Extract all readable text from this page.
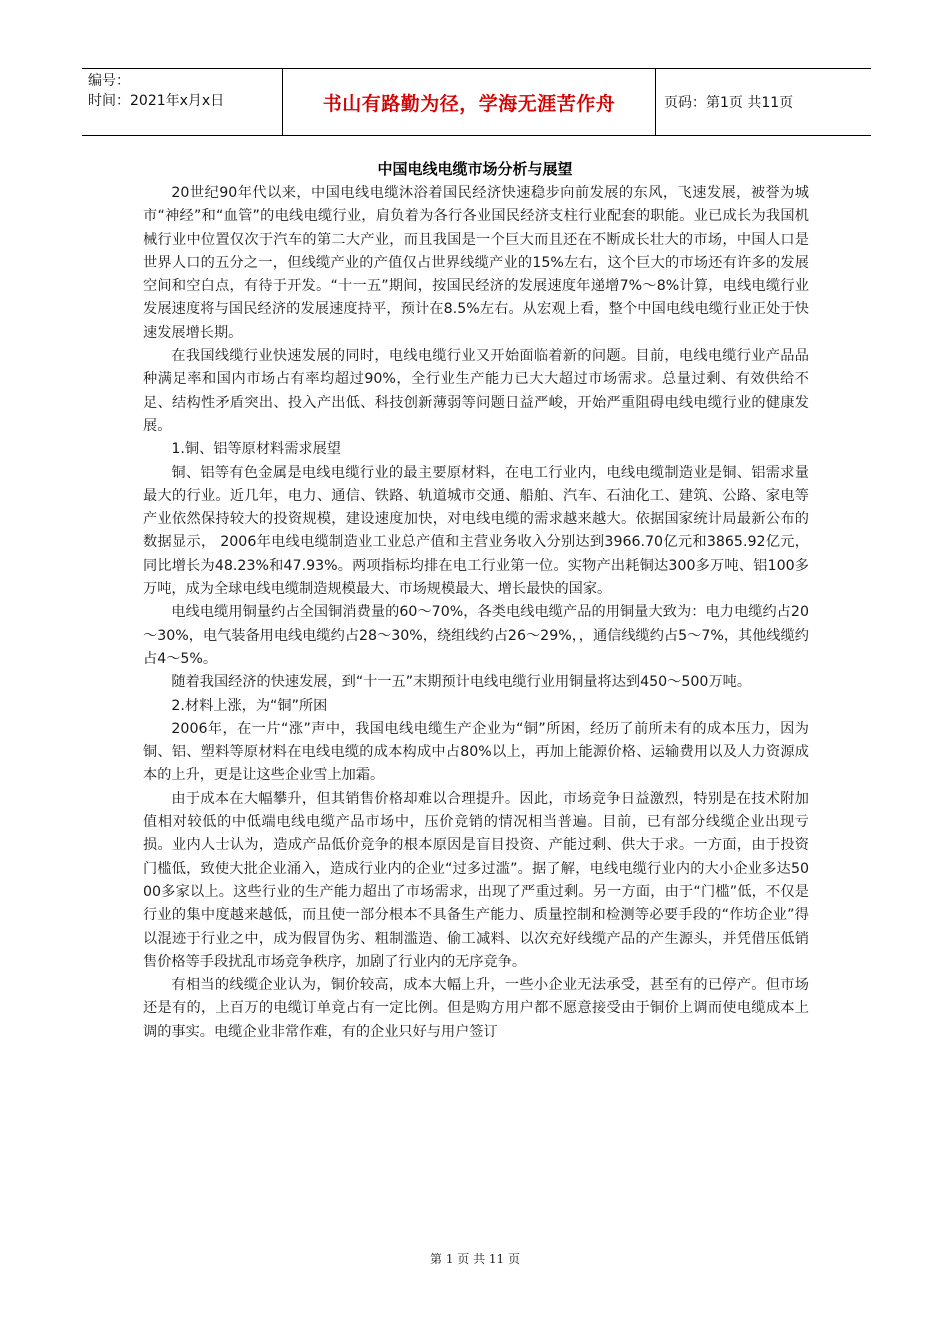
编号：
时间：2021年x月x日	书山有路勤为径，学海无涯苦作舟	页码：第1页 共11页
中国电线电缆市场分析与展望

20世纪90年代以来，中国电线电缆沐浴着国民经济快速稳步向前发展的东风，飞速发展，被誉为城市“神经”和“血管”的电线电缆行业，肩负着为各行各业国民经济支柱行业配套的职能。业已成长为我国机械行业中位置仅次于汽车的第二大产业，而且我国是一个巨大而且还在不断成长壮大的市场，中国人口是世界人口的五分之一，但线缆产业的产值仅占世界线缆产业的15%左右，这个巨大的市场还有许多的发展空间和空白点，有待于开发。“十一五”期间，按国民经济的发展速度年递增7%～8%计算，电线电缆行业发展速度将与国民经济的发展速度持平，预计在8.5%左右。从宏观上看，整个中国电线电缆行业正处于快速发展增长期。

在我国线缆行业快速发展的同时，电线电缆行业又开始面临着新的问题。目前，电线电缆行业产品品种满足率和国内市场占有率均超过90%，全行业生产能力已大大超过市场需求。总量过剩、有效供给不足、结构性矛盾突出、投入产出低、科技创新薄弱等问题日益严峻，开始严重阻碍电线电缆行业的健康发展。

1.铜、铝等原材料需求展望

铜、铝等有色金属是电线电缆行业的最主要原材料，在电工行业内，电线电缆制造业是铜、铝需求量最大的行业。近几年，电力、通信、铁路、轨道城市交通、船舶、汽车、石油化工、建筑、公路、家电等产业依然保持较大的投资规模，建设速度加快，对电线电缆的需求越来越大。依据国家统计局最新公布的数据显示， 2006年电线电缆制造业工业总产值和主营业务收入分别达到3966.70亿元和3865.92亿元，同比增长为48.23%和47.93%。两项指标均排在电工行业第一位。实物产出耗铜达300多万吨、铝100多万吨，成为全球电线电缆制造规模最大、市场规模最大、增长最快的国家。

电线电缆用铜量约占全国铜消费量的60～70%，各类电线电缆产品的用铜量大致为：电力电缆约占20～30%，电气装备用电线电缆约占28～30%，绕组线约占26～29%，，通信线缆约占5～7%，其他线缆约占4～5%。

随着我国经济的快速发展，到“十一五”末期预计电线电缆行业用铜量将达到450～500万吨。

2.材料上涨，为“铜”所困

2006年，在一片“涨”声中，我国电线电缆生产企业为“铜”所困，经历了前所未有的成本压力，因为铜、铝、塑料等原材料在电线电缆的成本构成中占80%以上，再加上能源价格、运输费用以及人力资源成本的上升，更是让这些企业雪上加霜。

由于成本在大幅攀升，但其销售价格却难以合理提升。因此，市场竞争日益激烈，特别是在技术附加值相对较低的中低端电线电缆产品市场中，压价竞销的情况相当普遍。目前，已有部分线缆企业出现亏损。业内人士认为，造成产品低价竞争的根本原因是盲目投资、产能过剩、供大于求。一方面，由于投资门槛低，致使大批企业涌入，造成行业内的企业“过多过滥”。据了解，电线电缆行业内的大小企业多达5000多家以上。这些行业的生产能力超出了市场需求，出现了严重过剩。另一方面，由于“门槛”低，不仅是行业的集中度越来越低，而且使一部分根本不具备生产能力、质量控制和检测等必要手段的“作坊企业”得以混迹于行业之中，成为假冒伪劣、粗制滥造、偷工减料、以次充好线缆产品的产生源头，并凭借压低销售价格等手段扰乱市场竞争秩序，加剧了行业内的无序竞争。

有相当的线缆企业认为，铜价较高，成本大幅上升，一些小企业无法承受，甚至有的已停产。但市场还是有的，上百万的电缆订单竟占有一定比例。但是购方用户都不愿意接受由于铜价上调而使电缆成本上调的事实。电缆企业非常作难，有的企业只好与用户签订

第 1 页 共 11 页
